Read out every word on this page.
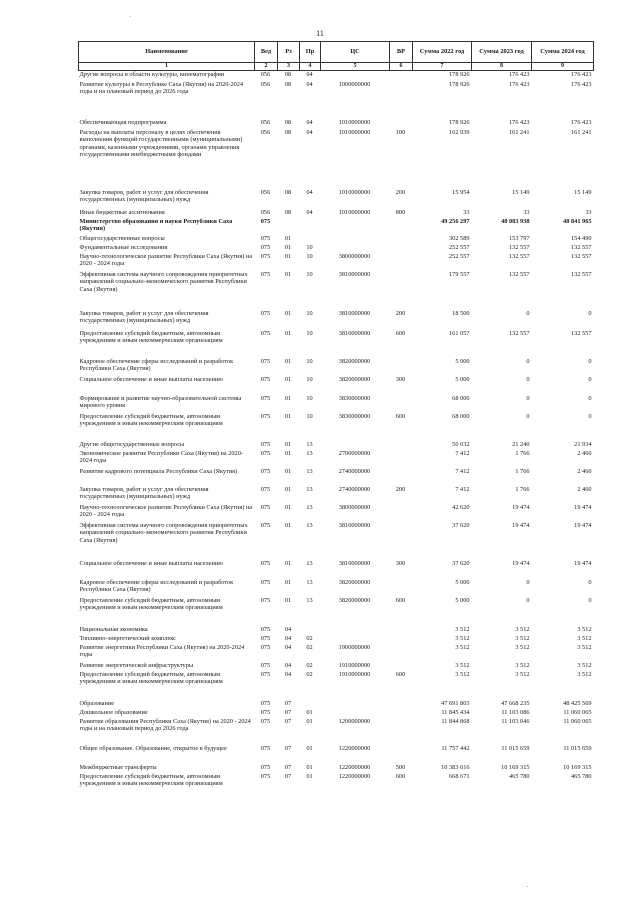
11
Наименование	Вед	Рз	Пр	ЦС	ВР	Сумма 2022 год	Сумма 2023 год	Сумма 2024 год
1	2	3	4	5	6	7	8	9
Другие вопросы в области культуры, кинематографии	056	08	04			178 926	176 423	176 423
Развитие культуры в Республике Саха (Якутия) на 2020-2024 годы и на плановый период до 2026 года	056	08	04	1000000000		178 926	176 423	176 423
Обеспечивающая подпрограмма	056	08	04	1010000000		178 926	176 423	176 423
Расходы на выплаты персоналу в целях обеспечения выполнения функций государственными (муниципальными) органами, казенными учреждениями, органами управления государственными внебюджетными фондами	056	08	04	1010000000	100	162 939	161 241	161 241
Закупка товаров, работ и услуг для обеспечения государственных (муниципальных) нужд	056	08	04	1010000000	200	15 954	15 149	15 149
Иные бюджетные ассигнования	056	08	04	1010000000	800	33	33	33
Министерство образования и науки Республики Саха (Якутия)	075					49 256 297	48 083 938	48 841 965
Общегосударственные вопросы	075	01				302 589	153 797	154 490
Фундаментальные исследования	075	01	10			252 557	132 557	132 557
Научно-технологическое развитие Республики Саха (Якутия) на 2020 - 2024 годы	075	01	10	3800000000		252 557	132 557	132 557
Эффективная система научного сопровождения приоритетных направлений социально-экономического развития Республики Саха (Якутия)	075	01	10	3810000000		179 557	132 557	132 557
Закупка товаров, работ и услуг для обеспечения государственных (муниципальных) нужд	075	01	10	3810000000	200	18 500	0	0
Предоставление субсидий бюджетным, автономным учреждениям и иным некоммерческим организациям	075	01	10	3810000000	600	161 057	132 557	132 557
Кадровое обеспечение сферы исследований и разработок Республики Саха (Якутия)	075	01	10	3820000000		5 000	0	0
Социальное обеспечение и иные выплаты населению	075	01	10	3820000000	300	5 000	0	0
Формирование и развитие научно-образовательной системы мирового уровня	075	01	10	3830000000		68 000	0	0
Предоставление субсидий бюджетным, автономным учреждениям и иным некоммерческим организациям	075	01	10	3830000000	600	68 000	0	0
Другие общегосударственные вопросы	075	01	13			50 032	21 240	21 934
Экономическое развитие Республики Саха (Якутия) на 2020-2024 годы	075	01	13	2700000000		7 412	1 766	2 460
Развитие кадрового потенциала Республики Саха (Якутия)	075	01	13	2740000000		7 412	1 766	2 460
Закупка товаров, работ и услуг для обеспечения государственных (муниципальных) нужд	075	01	13	2740000000	200	7 412	1 766	2 460
Научно-технологическое развитие Республики Саха (Якутия) на 2020 - 2024 годы	075	01	13	3800000000		42 620	19 474	19 474
Эффективная система научного сопровождения приоритетных направлений социально-экономического развития Республики Саха (Якутия)	075	01	13	3810000000		37 620	19 474	19 474
Социальное обеспечение и иные выплаты населению	075	01	13	3810000000	300	37 620	19 474	19 474
Кадровое обеспечение сферы исследований и разработок Республики Саха (Якутия)	075	01	13	3820000000		5 000	0	0
Предоставление субсидий бюджетным, автономным учреждениям и иным некоммерческим организациям	075	01	13	3820000000	600	5 000	0	0
Национальная экономика	075	04				3 512	3 512	3 512
Топливно-энергетический комплекс	075	04	02			3 512	3 512	3 512
Развитие энергетики Республики Саха (Якутия) на 2020-2024 годы	075	04	02	1900000000		3 512	3 512	3 512
Развитие энергетической инфраструктуры	075	04	02	1910000000		3 512	3 512	3 512
Предоставление субсидий бюджетным, автономным учреждениям и иным некоммерческим организациям	075	04	02	1910000000	600	3 512	3 512	3 512
Образование	075	07				47 691 803	47 668 235	48 425 569
Дошкольное образование	075	07	01			11 845 434	11 103 086	11 060 065
Развитие образования Республики Саха (Якутия) на 2020 - 2024 годы и на плановый период до 2026 года	075	07	01	1200000000		11 844 868	11 103 046	11 060 065
Общее образование. Образование, открытое в будущее	075	07	01	1220000000		11 757 442	11 015 659	11 015 659
Межбюджетные трансферты	075	07	01	1220000000	500	10 383 016	10 169 315	10 169 315
Предоставление субсидий бюджетным, автономным учреждениям и иным некоммерческим организациям	075	07	01	1220000000	600	668 671	465 780	465 780
·
·
